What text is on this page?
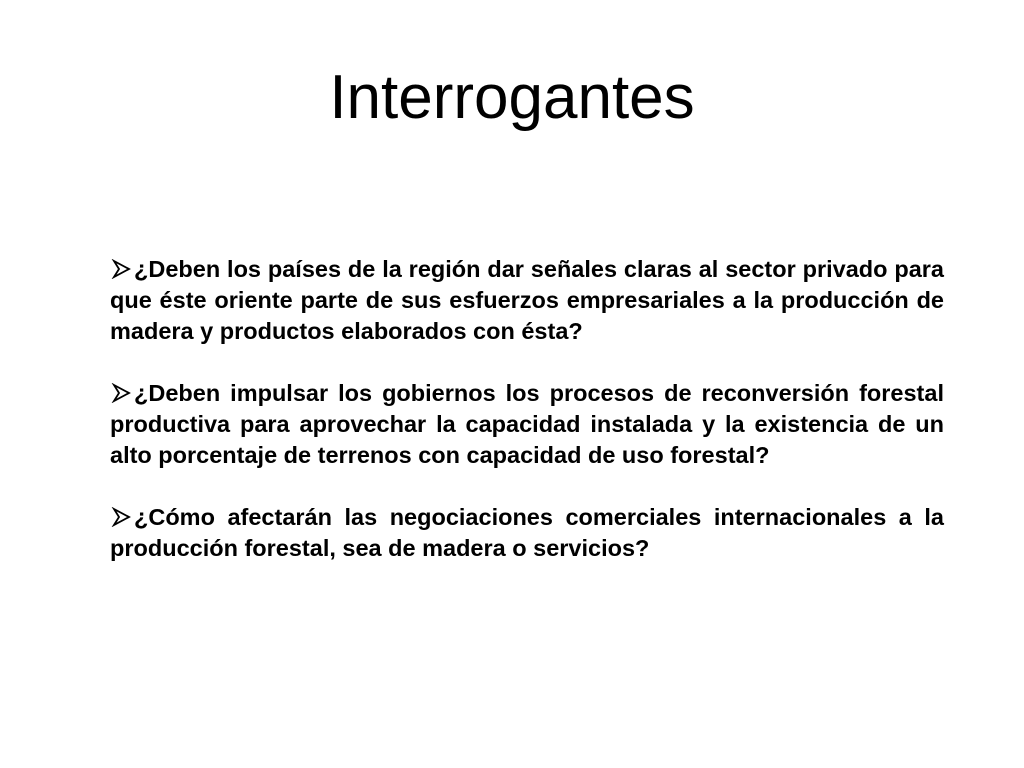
Interrogantes

¿Deben los países de la región dar señales claras al sector privado para que éste oriente parte de sus esfuerzos empresariales a la producción de madera y productos elaborados con ésta?

¿Deben impulsar los gobiernos los procesos de reconversión forestal productiva para aprovechar la capacidad instalada y la existencia de un alto porcentaje de terrenos con capacidad de uso forestal?

¿Cómo afectarán las negociaciones comerciales internacionales a la producción forestal, sea de madera o servicios?
